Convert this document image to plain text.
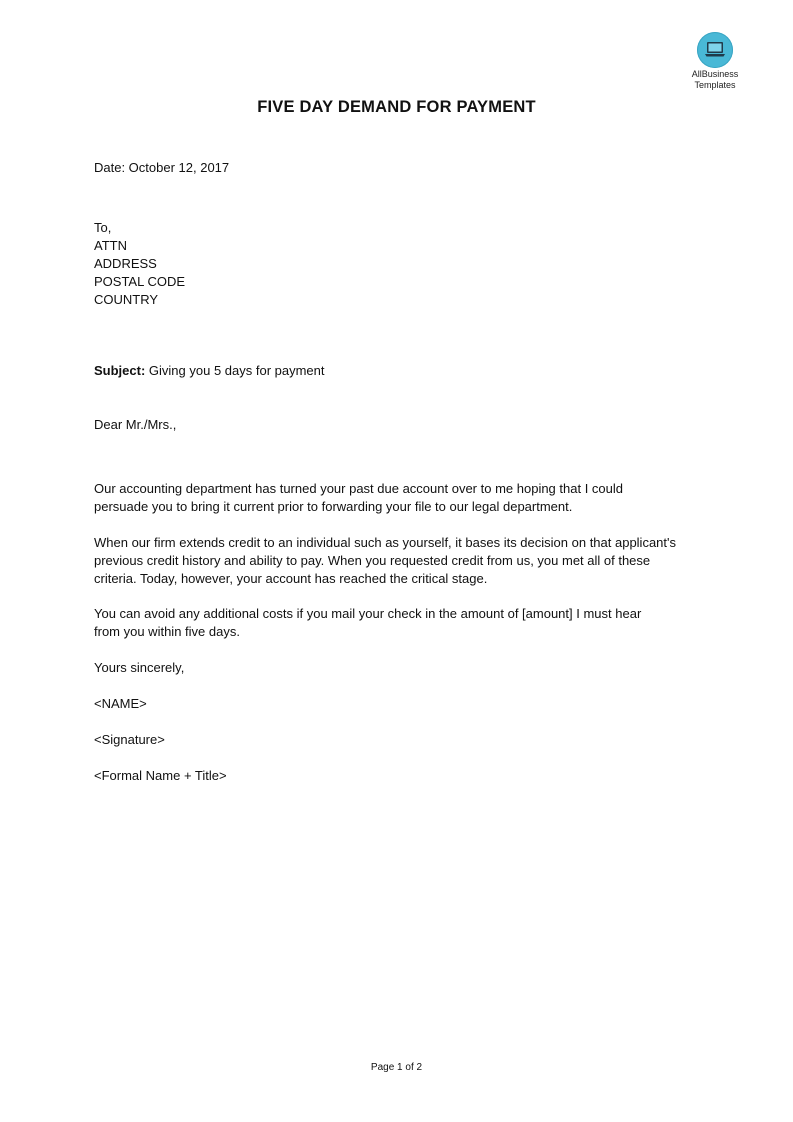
AllBusiness
Templates
FIVE DAY DEMAND FOR PAYMENT
Date: October 12, 2017
To,
ATTN
ADDRESS
POSTAL CODE
COUNTRY
Subject: Giving you 5 days for payment
Dear Mr./Mrs.,
Our accounting department has turned your past due account over to me hoping that I could
persuade you to bring it current prior to forwarding your file to our legal department.
When our firm extends credit to an individual such as yourself, it bases its decision on that applicant's
previous credit history and ability to pay. When you requested credit from us, you met all of these
criteria. Today, however, your account has reached the critical stage.
You can avoid any additional costs if you mail your check in the amount of [amount] I must hear
from you within five days.
Yours sincerely,
<NAME>
<Signature>
<Formal Name + Title>
Page 1 of 2
